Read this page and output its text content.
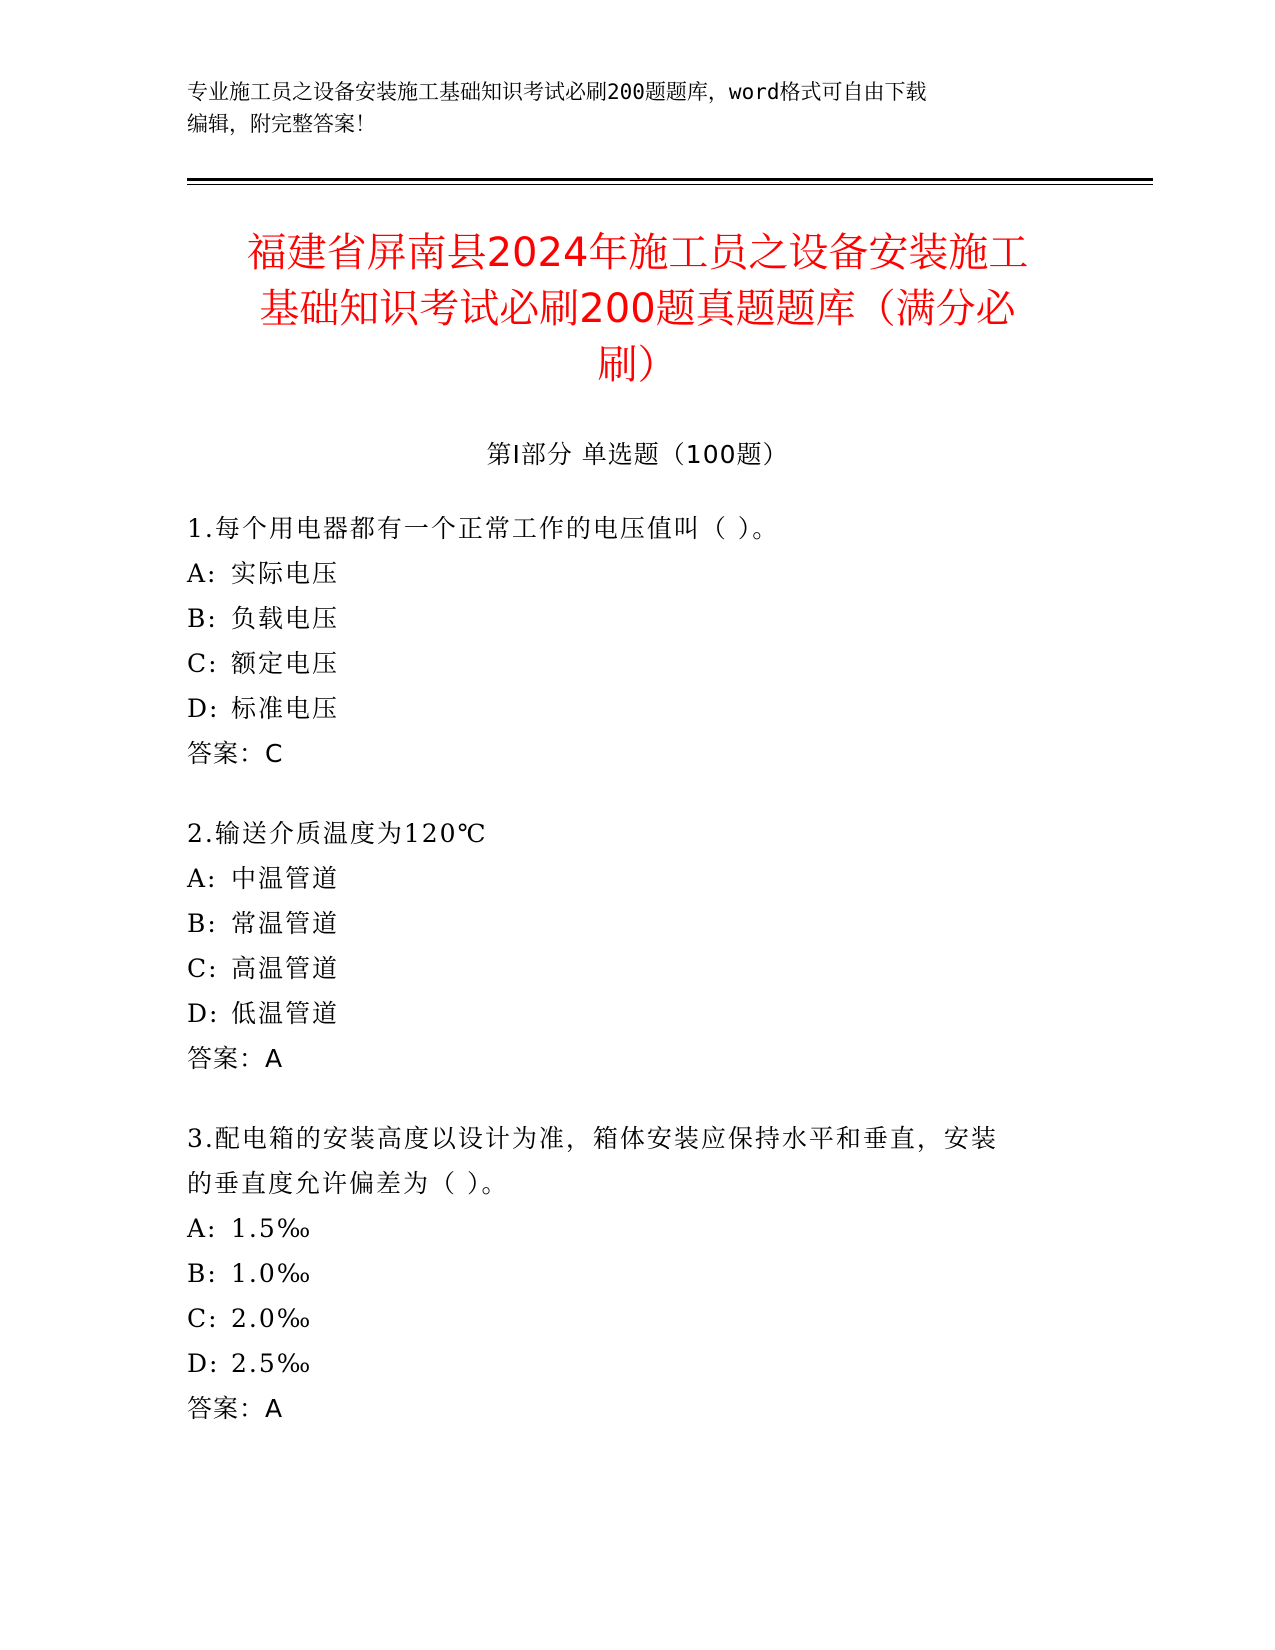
专业施工员之设备安装施工基础知识考试必刷200题题库，word格式可自由下载
编辑，附完整答案！
福建省屏南县2024年施工员之设备安装施工
基础知识考试必刷200题真题题库（满分必
刷）
第I部分 单选题（100题）
1.每个用电器都有一个正常工作的电压值叫（ ）。
A: 实际电压
B: 负载电压
C: 额定电压
D: 标准电压
答案：C
2.输送介质温度为120℃
A: 中温管道
B: 常温管道
C: 高温管道
D: 低温管道
答案：A
3.配电箱的安装高度以设计为准，箱体安装应保持水平和垂直，安装
的垂直度允许偏差为（ ）。
A: 1.5‰
B: 1.0‰
C: 2.0‰
D: 2.5‰
答案：A
